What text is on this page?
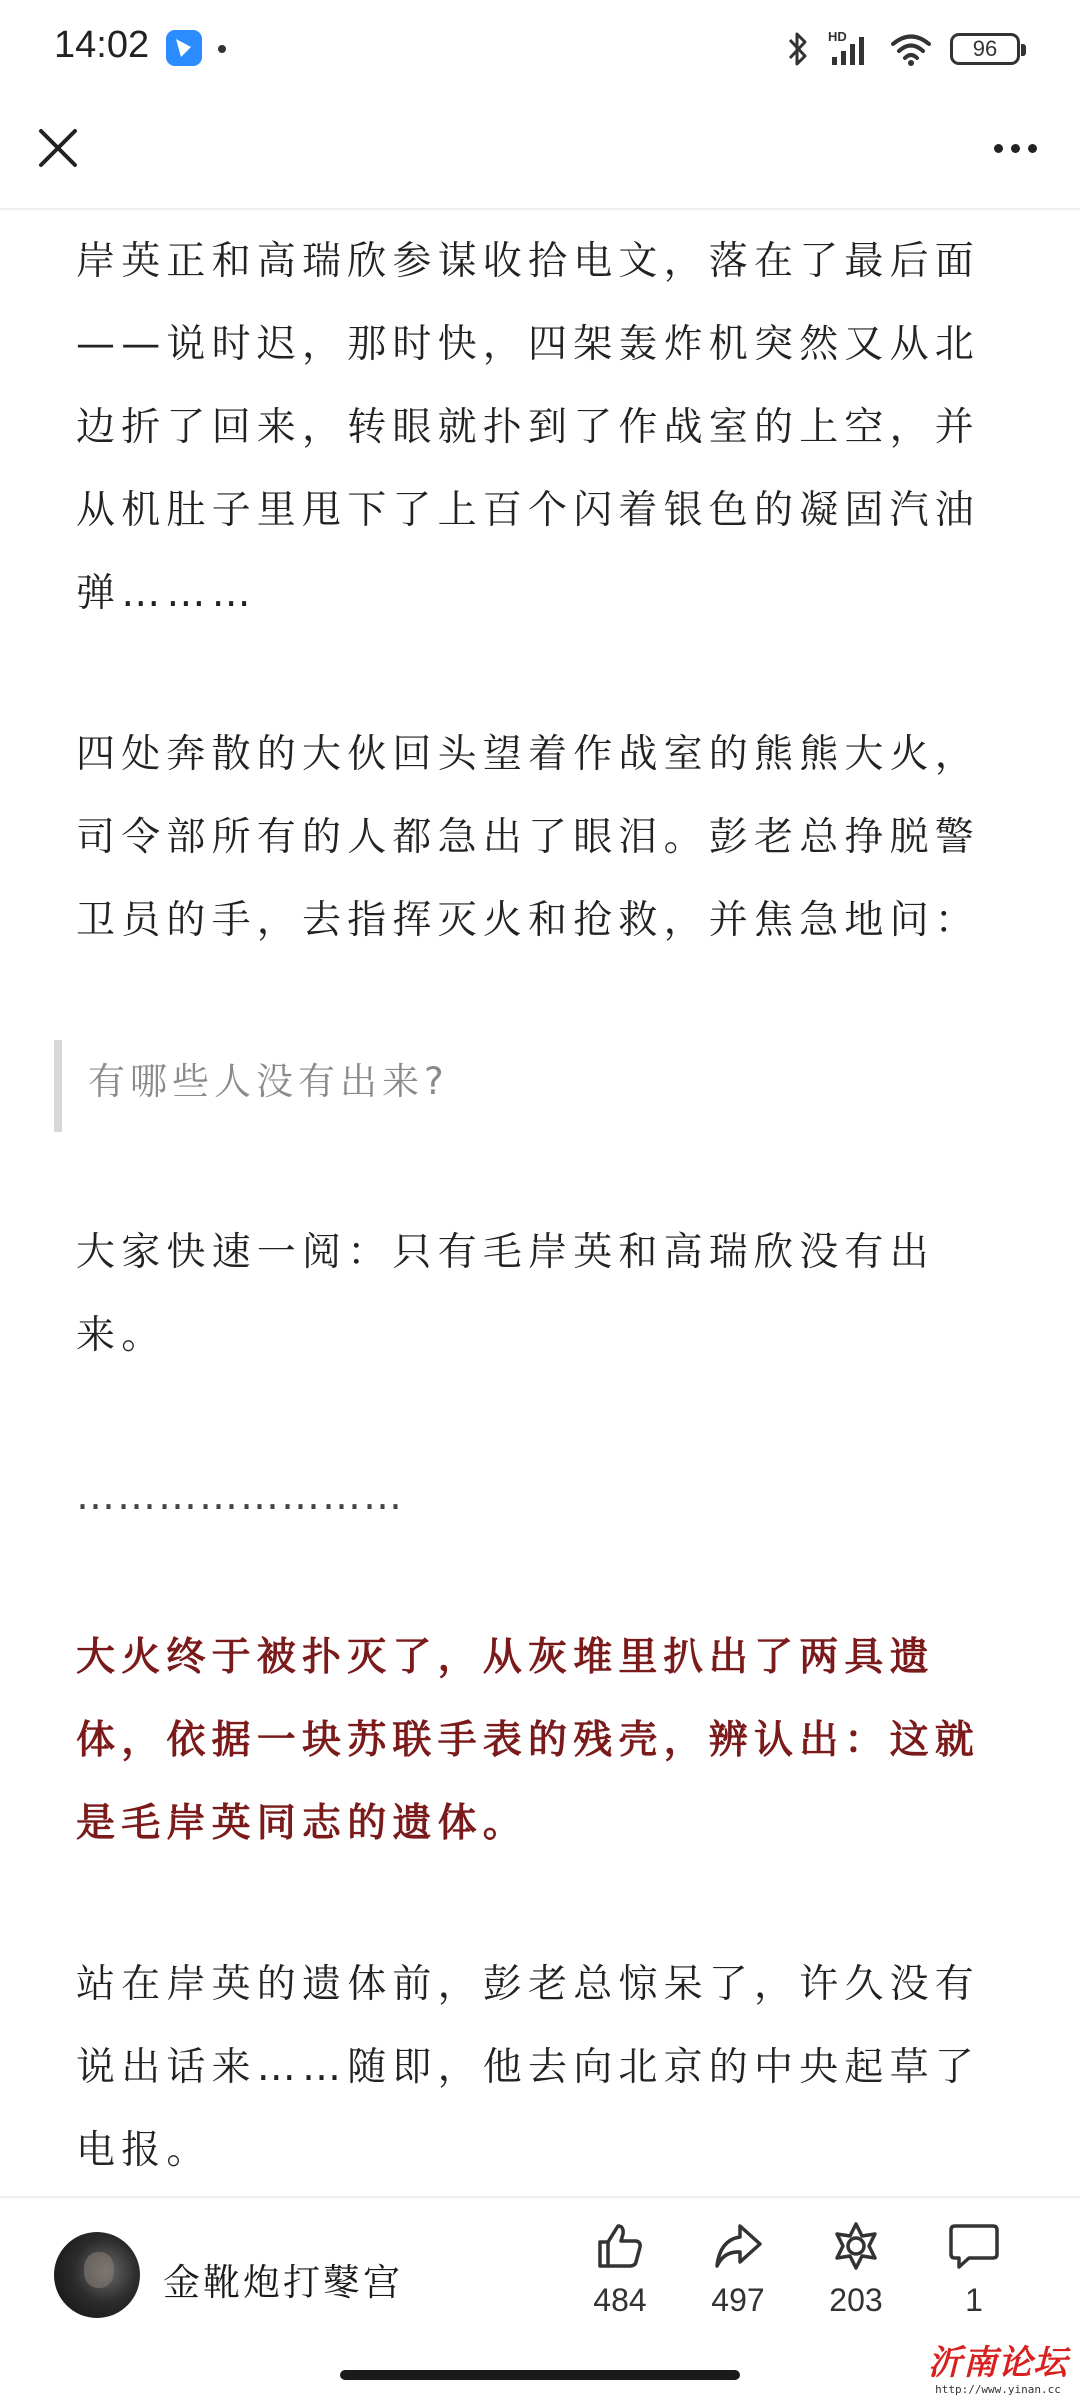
14:02	HD	96

岸英正和高瑞欣参谋收拾电文，落在了最后面——说时迟，那时快，四架轰炸机突然又从北边折了回来，转眼就扑到了作战室的上空，并从机肚子里甩下了上百个闪着银色的凝固汽油弹………

四处奔散的大伙回头望着作战室的熊熊大火，司令部所有的人都急出了眼泪。彭老总挣脱警卫员的手，去指挥灭火和抢救，并焦急地问：

有哪些人没有出来?

大家快速一阅：只有毛岸英和高瑞欣没有出来。

……………………

大火终于被扑灭了，从灰堆里扒出了两具遗体，依据一块苏联手表的残壳，辨认出：这就是毛岸英同志的遗体。

站在岸英的遗体前，彭老总惊呆了，许久没有说出话来……随即，他去向北京的中央起草了电报。

金靴炮打鼕宫	484 497 203	1
沂南论坛
http://www.yinan.cc
